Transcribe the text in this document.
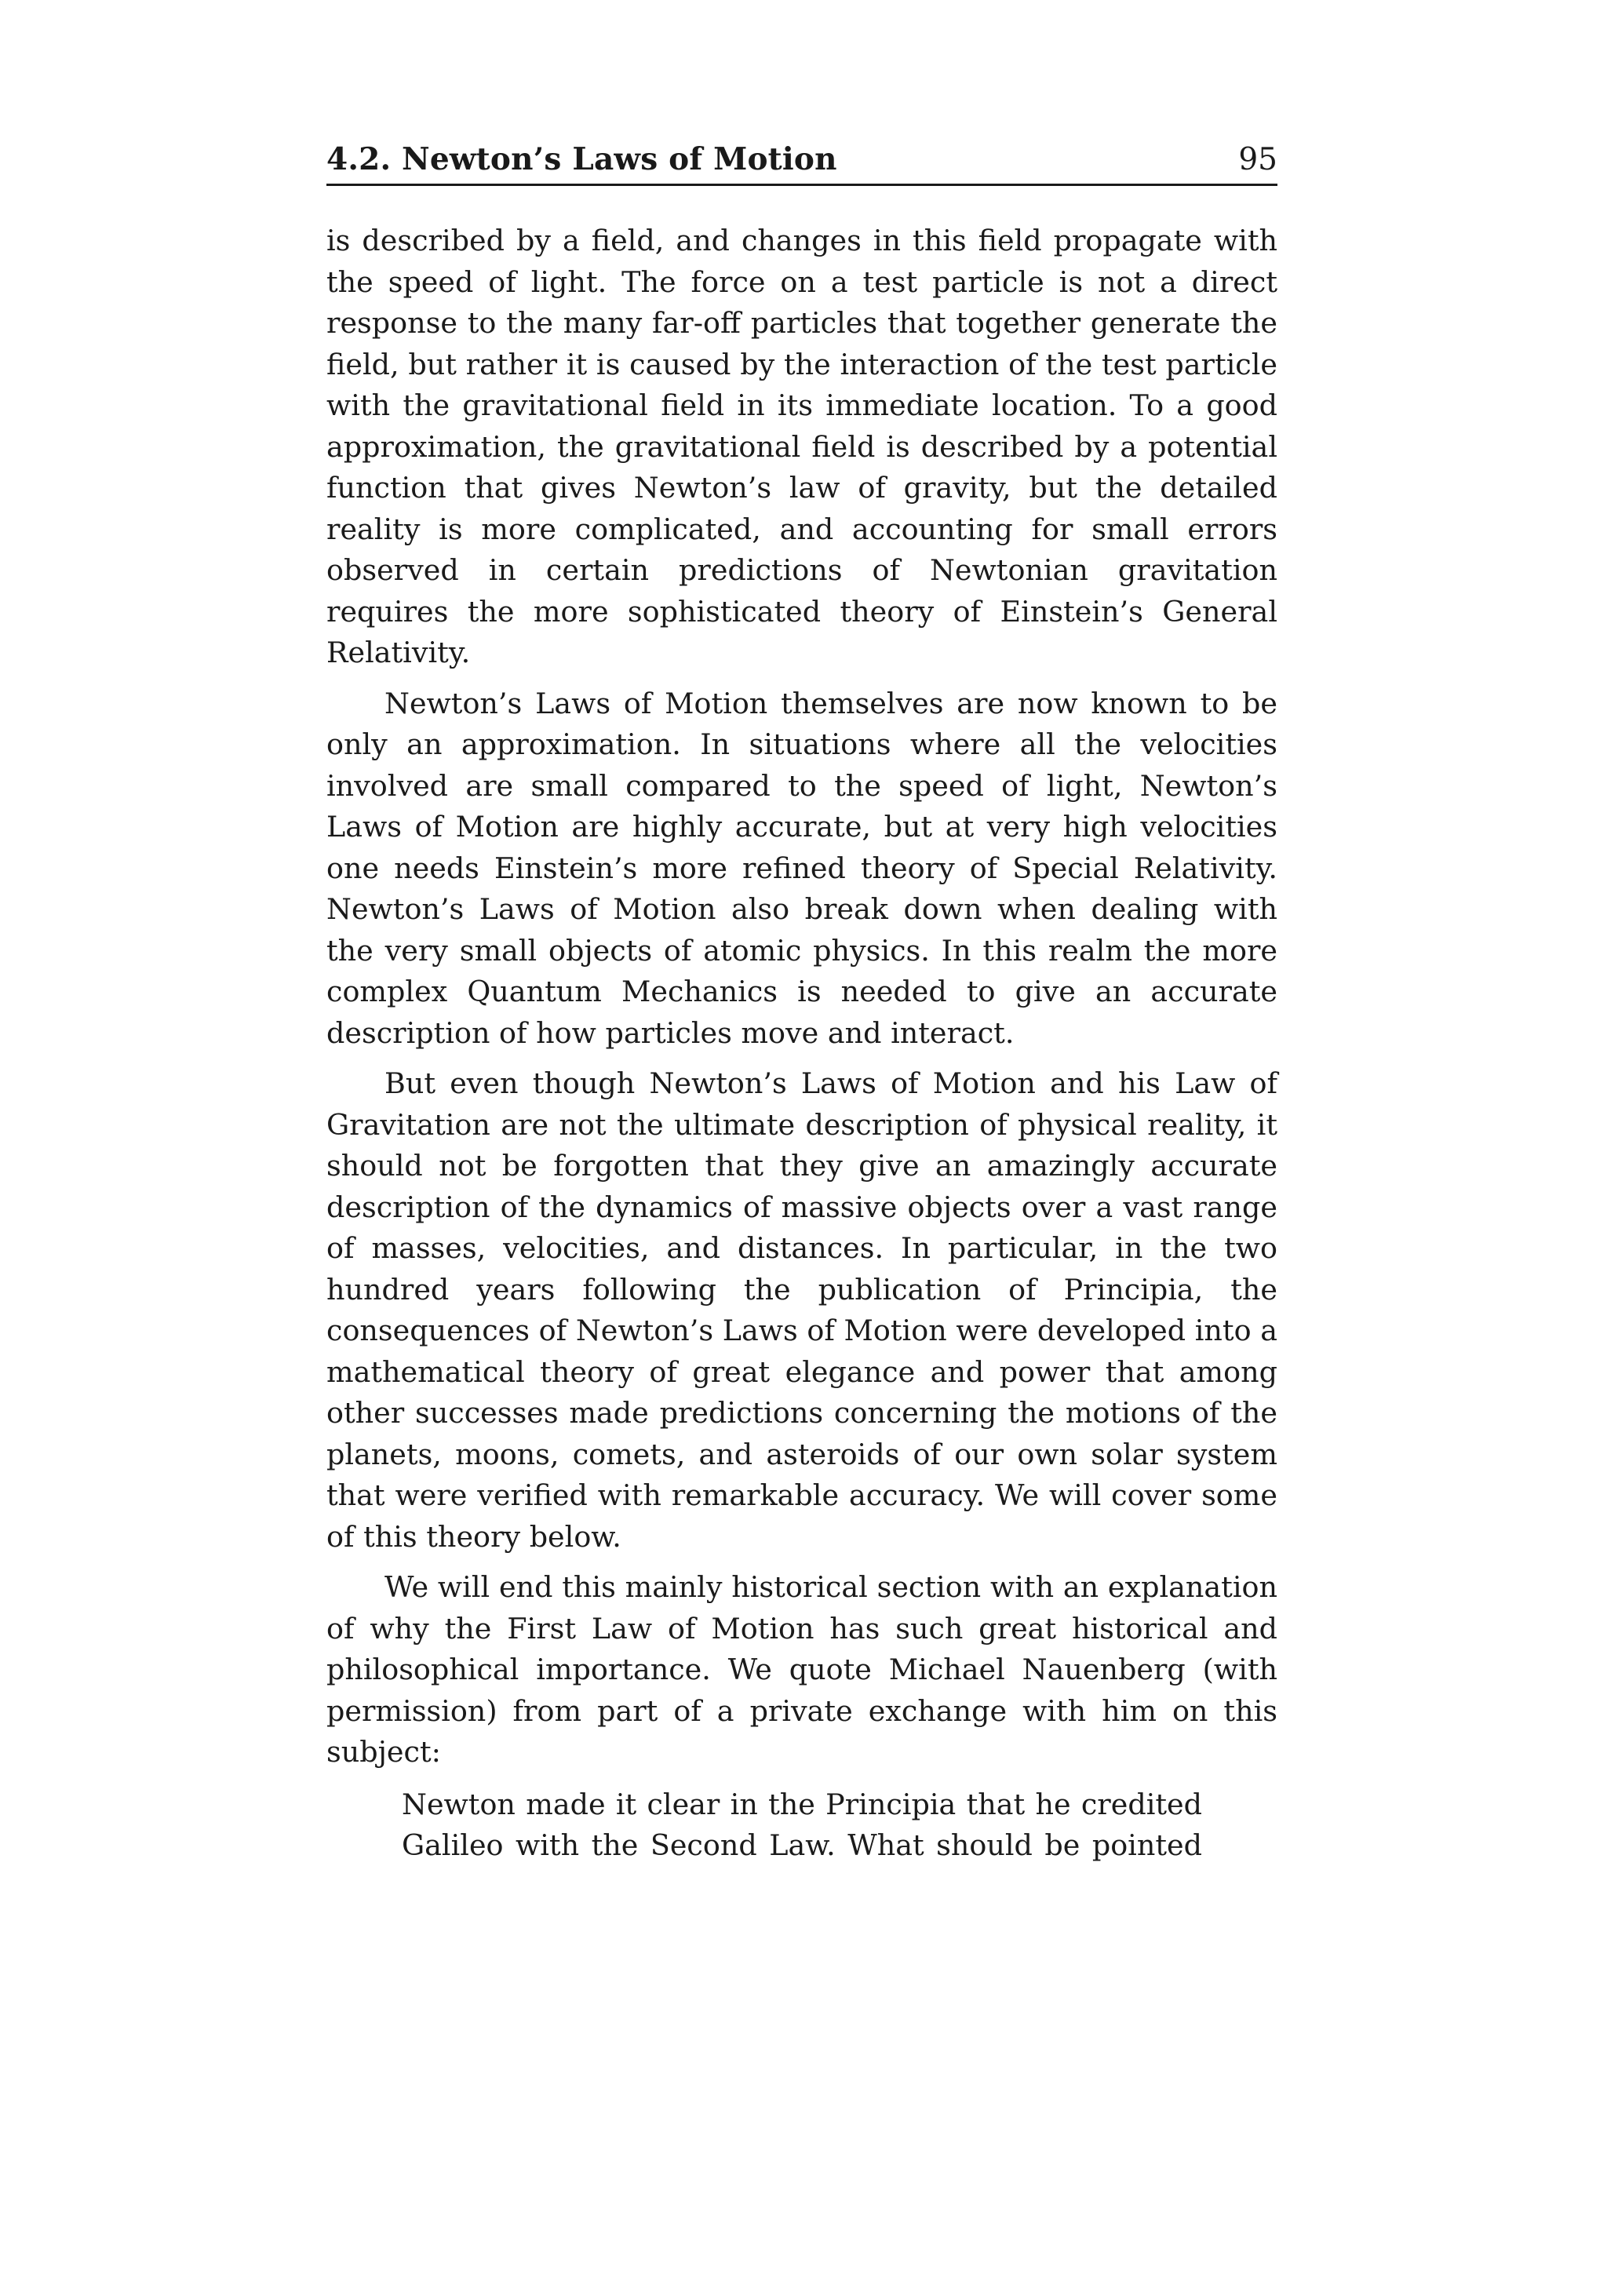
4.2. Newton’s Laws of Motion	95

is described by a field, and changes in this field propagate with the speed of light. The force on a test particle is not a direct response to the many far-off particles that together generate the field, but rather it is caused by the interaction of the test particle with the gravitational field in its immediate location. To a good approximation, the gravitational field is described by a potential function that gives Newton’s law of gravity, but the detailed reality is more complicated, and accounting for small errors observed in certain predictions of Newtonian gravitation requires the more sophisticated theory of Einstein’s General Relativity.

Newton’s Laws of Motion themselves are now known to be only an approximation. In situations where all the velocities involved are small compared to the speed of light, Newton’s Laws of Motion are highly accurate, but at very high velocities one needs Einstein’s more refined theory of Special Relativity. Newton’s Laws of Motion also break down when dealing with the very small objects of atomic physics. In this realm the more complex Quantum Mechanics is needed to give an accurate description of how particles move and interact.

But even though Newton’s Laws of Motion and his Law of Gravitation are not the ultimate description of physical reality, it should not be forgotten that they give an amazingly accurate description of the dynamics of massive objects over a vast range of masses, velocities, and distances. In particular, in the two hundred years following the publication of Principia, the consequences of Newton’s Laws of Motion were developed into a mathematical theory of great elegance and power that among other successes made predictions concerning the motions of the planets, moons, comets, and asteroids of our own solar system that were verified with remarkable accuracy. We will cover some of this theory below.

We will end this mainly historical section with an explanation of why the First Law of Motion has such great historical and philosophical importance. We quote Michael Nauenberg (with permission) from part of a private exchange with him on this subject:

Newton made it clear in the Principia that he credited

Galileo with the Second Law. What should be pointed
